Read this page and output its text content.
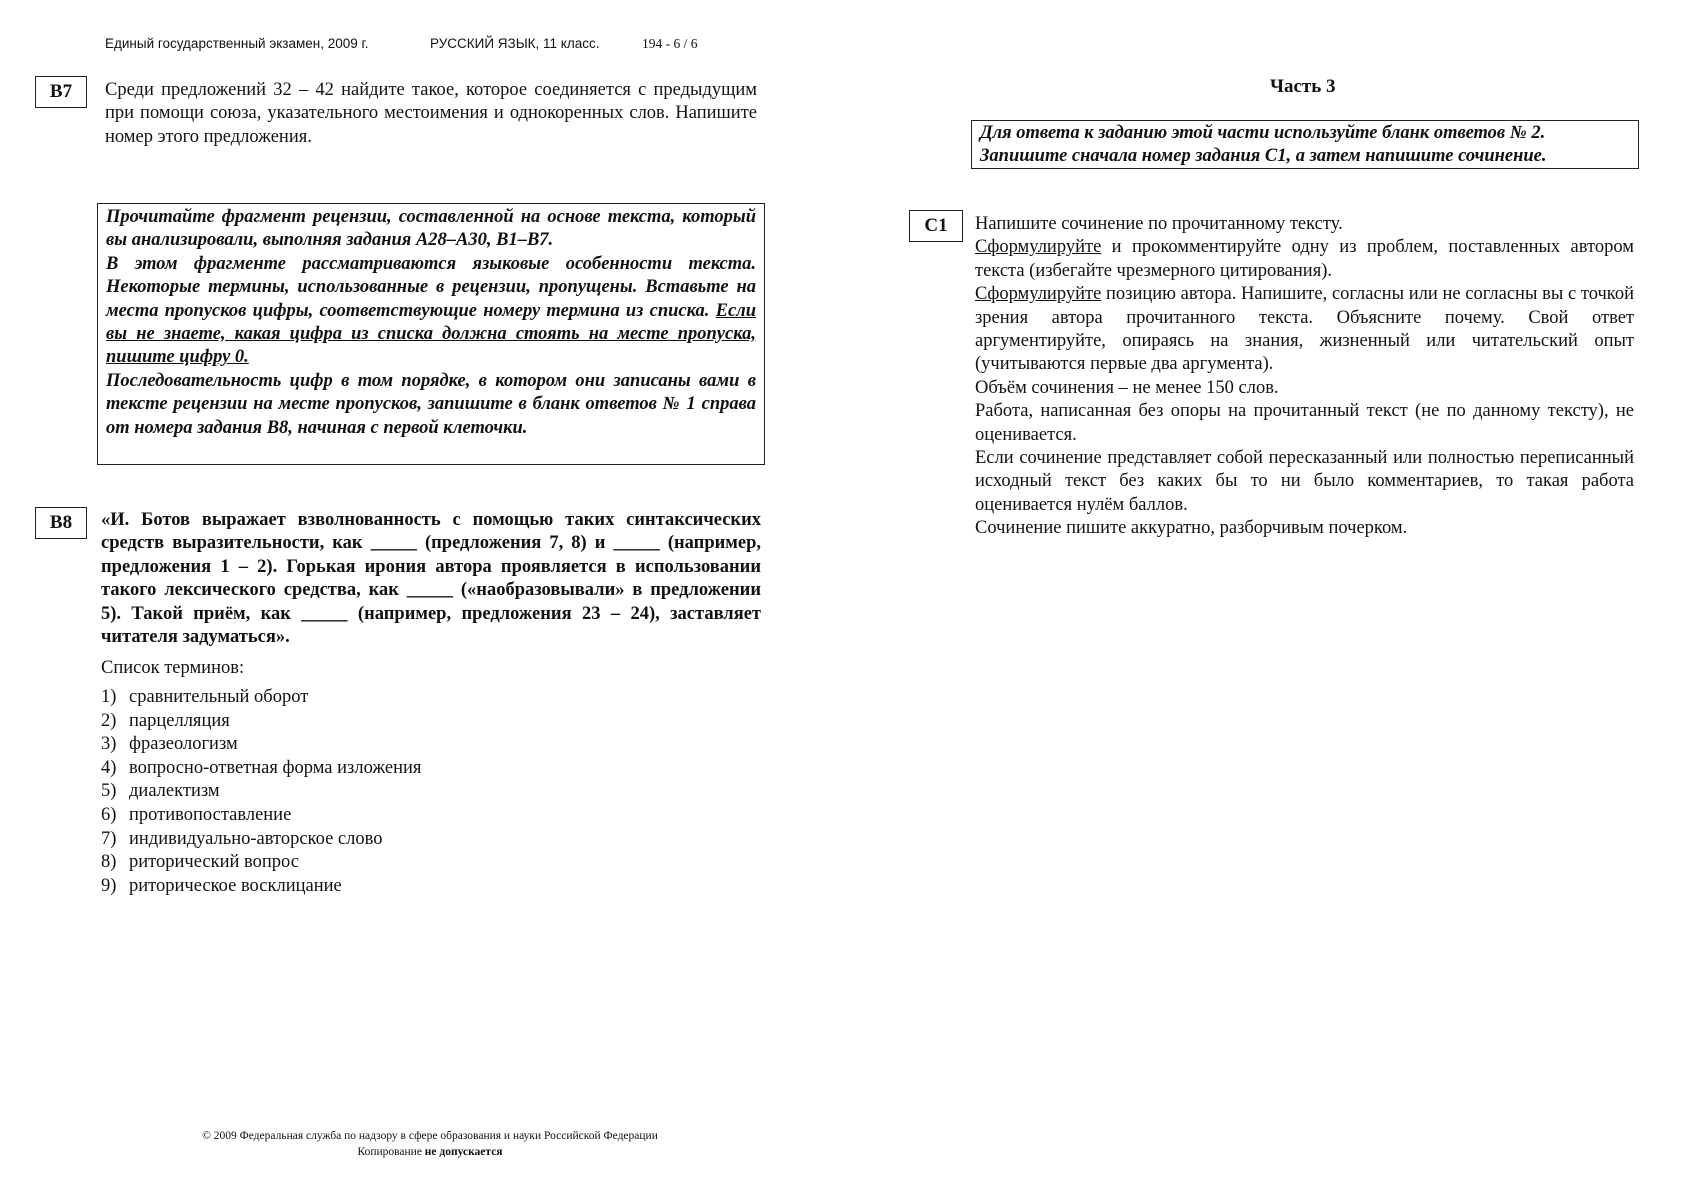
Единый государственный экзамен, 2009 г.	РУССКИЙ ЯЗЫК, 11 класс.	194 - 6 / 6
B7	Среди предложений 32 – 42 найдите такое, которое соединяется с предыдущим при помощи союза, указательного местоимения и однокоренных слов. Напишите номер этого предложения.

Прочитайте фрагмент рецензии, составленной на основе текста, который вы анализировали, выполняя задания А28–А30, В1–В7.

В этом фрагменте рассматриваются языковые особенности текста. Некоторые термины, использованные в рецензии, пропущены. Вставьте на места пропусков цифры, соответствующие номеру термина из списка. Если вы не знаете, какая цифра из списка должна стоять на месте пропуска, пишите цифру 0.

Последовательность цифр в том порядке, в котором они записаны вами в тексте рецензии на месте пропусков, запишите в бланк ответов № 1 справа от номера задания В8, начиная с первой клеточки.

B8	«И. Ботов выражает взволнованность с помощью таких синтаксических средств выразительности, как _____ (предложения 7, 8) и _____ (например, предложения 1 – 2). Горькая ирония автора проявляется в использовании такого лексического средства, как _____ («наобразовывали» в предложении 5). Такой приём, как _____ (например, предложения 23 – 24), заставляет читателя задуматься».
Список терминов:
1) сравнительный оборот
2) парцелляция
3) фразеологизм
4) вопросно-ответная форма изложения
5) диалектизм
6) противопоставление
7) индивидуально-авторское слово
8) риторический вопрос
9) риторическое восклицание
Часть 3

Для ответа к заданию этой части используйте бланк ответов № 2.

Запишите сначала номер задания С1, а затем напишите сочинение.

C1	Напишите сочинение по прочитанному тексту.

Сформулируйте и прокомментируйте одну из проблем, поставленных автором текста (избегайте чрезмерного цитирования).

Сформулируйте позицию автора. Напишите, согласны или не согласны вы с точкой зрения автора прочитанного текста. Объясните почему. Свой ответ аргументируйте, опираясь на знания, жизненный или читательский опыт (учитываются первые два аргумента).

Объём сочинения – не менее 150 слов.

Работа, написанная без опоры на прочитанный текст (не по данному тексту), не оценивается.

Если сочинение представляет собой пересказанный или полностью переписанный исходный текст без каких бы то ни было комментариев, то такая работа оценивается нулём баллов.

Сочинение пишите аккуратно, разборчивым почерком.

© 2009 Федеральная служба по надзору в сфере образования и науки Российской Федерации
Копирование не допускается
